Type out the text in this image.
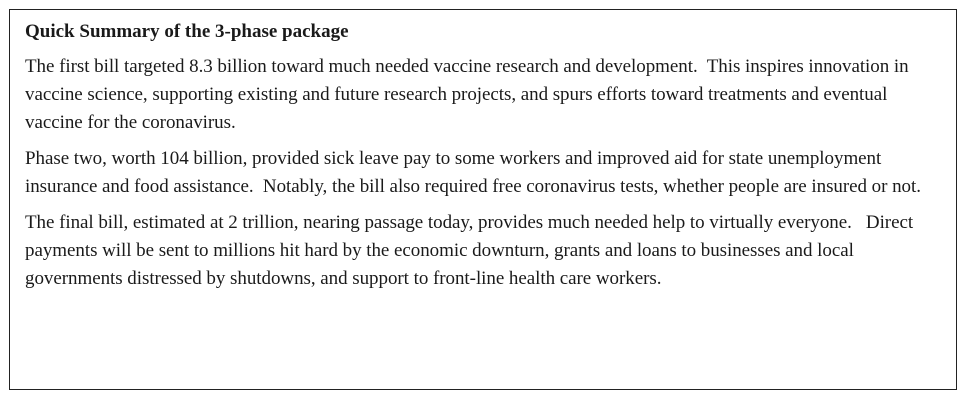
Quick Summary of the 3-phase package

The first bill targeted 8.3 billion toward much needed vaccine research and development.  This inspires innovation in vaccine science, supporting existing and future research projects, and spurs efforts toward treatments and eventual vaccine for the coronavirus.

Phase two, worth 104 billion, provided sick leave pay to some workers and improved aid for state unemployment insurance and food assistance.  Notably, the bill also required free coronavirus tests, whether people are insured or not.

The final bill, estimated at 2 trillion, nearing passage today, provides much needed help to virtually everyone.   Direct payments will be sent to millions hit hard by the economic downturn, grants and loans to businesses and local governments distressed by shutdowns, and support to front-line health care workers.
